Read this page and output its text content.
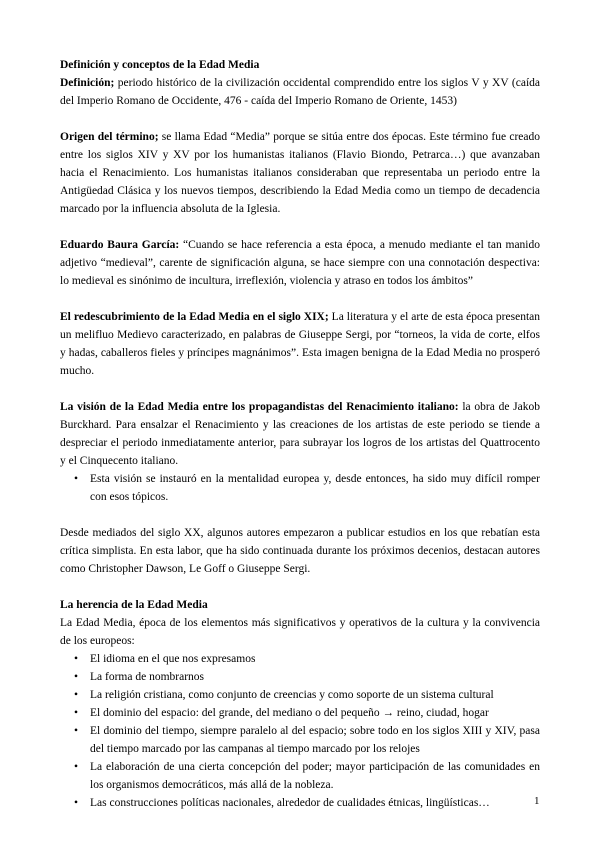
Definición y conceptos de la Edad Media

Definición; periodo histórico de la civilización occidental comprendido entre los siglos V y XV (caída del Imperio Romano de Occidente, 476 - caída del Imperio Romano de Oriente, 1453)

Origen del término; se llama Edad “Media” porque se sitúa entre dos épocas. Este término fue creado entre los siglos XIV y XV por los humanistas italianos (Flavio Biondo, Petrarca…) que avanzaban hacia el Renacimiento. Los humanistas italianos consideraban que representaba un periodo entre la Antigüedad Clásica y los nuevos tiempos, describiendo la Edad Media como un tiempo de decadencia marcado por la influencia absoluta de la Iglesia.

Eduardo Baura García: “Cuando se hace referencia a esta época, a menudo mediante el tan manido adjetivo “medieval”, carente de significación alguna, se hace siempre con una connotación despectiva: lo medieval es sinónimo de incultura, irreflexión, violencia y atraso en todos los ámbitos”

El redescubrimiento de la Edad Media en el siglo XIX; La literatura y el arte de esta época presentan un melifluo Medievo caracterizado, en palabras de Giuseppe Sergi, por “torneos, la vida de corte, elfos y hadas, caballeros fieles y príncipes magnánimos”. Esta imagen benigna de la Edad Media no prosperó mucho.

La visión de la Edad Media entre los propagandistas del Renacimiento italiano: la obra de Jakob Burckhard. Para ensalzar el Renacimiento y las creaciones de los artistas de este periodo se tiende a despreciar el periodo inmediatamente anterior, para subrayar los logros de los artistas del Quattrocento y el Cinquecento italiano.

• Esta visión se instauró en la mentalidad europea y, desde entonces, ha sido muy difícil romper con esos tópicos.

Desde mediados del siglo XX, algunos autores empezaron a publicar estudios en los que rebatían esta crítica simplista. En esta labor, que ha sido continuada durante los próximos decenios, destacan autores como Christopher Dawson, Le Goff o Giuseppe Sergi.

La herencia de la Edad Media

La Edad Media, época de los elementos más significativos y operativos de la cultura y la convivencia de los europeos:

• El idioma en el que nos expresamos
• La forma de nombrarnos
• La religión cristiana, como conjunto de creencias y como soporte de un sistema cultural
• El dominio del espacio: del grande, del mediano o del pequeño → reino, ciudad, hogar
• El dominio del tiempo, siempre paralelo al del espacio; sobre todo en los siglos XIII y XIV, pasa del tiempo marcado por las campanas al tiempo marcado por los relojes
• La elaboración de una cierta concepción del poder; mayor participación de las comunidades en los organismos democráticos, más allá de la nobleza.
• Las construcciones políticas nacionales, alrededor de cualidades étnicas, lingüísticas…	1
